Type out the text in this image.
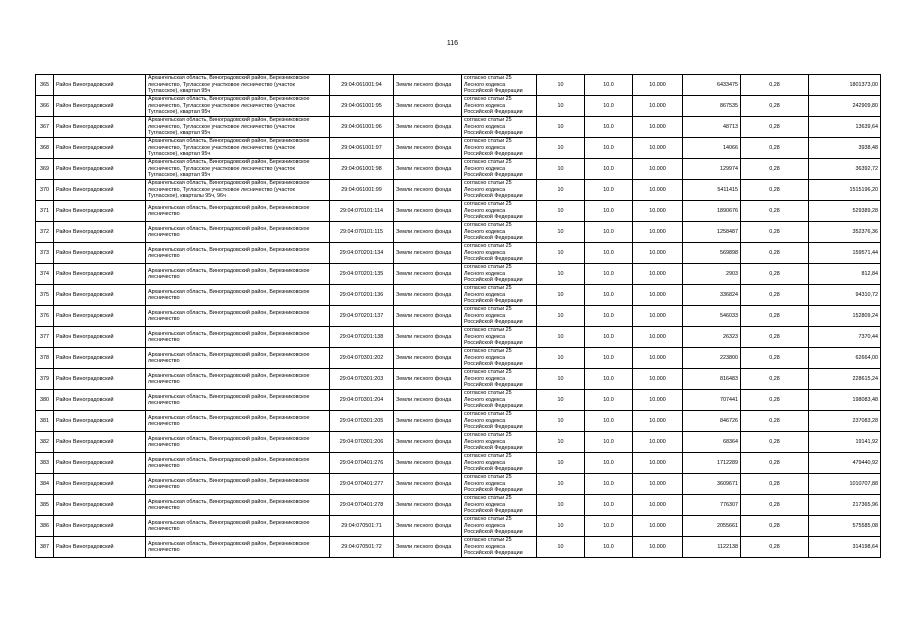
116
365	Район Виноградовский	Архангельская область, Виноградовский район, Березниковское лесничество, Тугласское участковое лесничество (участок Тугласское), квартал 95ч	29:04:061001:94	Земли лесного фонда	согласно статьи 25
Лесного кодекса
Российской Федерации	10	10.0	10.000	6433475	0,28	1801373,00
366	Район Виноградовский	Архангельская область, Виноградовский район, Березниковское лесничество, Тугласское участковое лесничество (участок Тугласское), квартал 95ч	29:04:061001:95	Земли лесного фонда	согласно статьи 25
Лесного кодекса
Российской Федерации	10	10.0	10.000	867535	0,28	242909,80
367	Район Виноградовский	Архангельская область, Виноградовский район, Березниковское лесничество, Тугласское участковое лесничество (участок Тугласское), квартал 95ч	29:04:061001:96	Земли лесного фонда	согласно статьи 25
Лесного кодекса
Российской Федерации	10	10.0	10.000	48713	0,28	13639,64
368	Район Виноградовский	Архангельская область, Виноградовский район, Березниковское лесничество, Тугласское участковое лесничество (участок Тугласское), квартал 95ч	29:04:061001:97	Земли лесного фонда	согласно статьи 25
Лесного кодекса
Российской Федерации	10	10.0	10.000	14066	0,28	3938,48
369	Район Виноградовский	Архангельская область, Виноградовский район, Березниковское лесничество, Тугласское участковое лесничество (участок Тугласское), квартал 95ч	29:04:061001:98	Земли лесного фонда	согласно статьи 25
Лесного кодекса
Российской Федерации	10	10.0	10.000	129974	0,28	36392,72
370	Район Виноградовский	Архангельская область, Виноградовский район, Березниковское лесничество, Тугласское участковое лесничество (участок Тугласское), кварталы 95ч, 96ч	29:04:061001:99	Земли лесного фонда	согласно статьи 25
Лесного кодекса
Российской Федерации	10	10.0	10.000	5411415	0,28	1515196,20
371	Район Виноградовский	Архангельская область, Виноградовский район, Березниковское лесничество	29:04:070101:114	Земли лесного фонда	согласно статьи 25
Лесного кодекса
Российской Федерации	10	10.0	10.000	1890676	0,28	529389,28
372	Район Виноградовский	Архангельская область, Виноградовский район, Березниковское лесничество	29:04:070101:115	Земли лесного фонда	согласно статьи 25
Лесного кодекса
Российской Федерации	10	10.0	10.000	1258487	0,28	352376,36
373	Район Виноградовский	Архангельская область, Виноградовский район, Березниковское лесничество	29:04:070201:134	Земли лесного фонда	согласно статьи 25
Лесного кодекса
Российской Федерации	10	10.0	10.000	569898	0,28	159571,44
374	Район Виноградовский	Архангельская область, Виноградовский район, Березниковское лесничество	29:04:070201:135	Земли лесного фонда	согласно статьи 25
Лесного кодекса
Российской Федерации	10	10.0	10.000	2903	0,28	812,84
375	Район Виноградовский	Архангельская область, Виноградовский район, Березниковское лесничество	29:04:070201:136	Земли лесного фонда	согласно статьи 25
Лесного кодекса
Российской Федерации	10	10.0	10.000	336824	0,28	94310,72
376	Район Виноградовский	Архангельская область, Виноградовский район, Березниковское лесничество	29:04:070201:137	Земли лесного фонда	согласно статьи 25
Лесного кодекса
Российской Федерации	10	10.0	10.000	546033	0,28	152809,24
377	Район Виноградовский	Архангельская область, Виноградовский район, Березниковское лесничество	29:04:070201:138	Земли лесного фонда	согласно статьи 25
Лесного кодекса
Российской Федерации	10	10.0	10.000	26323	0,28	7370,44
378	Район Виноградовский	Архангельская область, Виноградовский район, Березниковское лесничество	29:04:070301:202	Земли лесного фонда	согласно статьи 25
Лесного кодекса
Российской Федерации	10	10.0	10.000	223800	0,28	62664,00
379	Район Виноградовский	Архангельская область, Виноградовский район, Березниковское лесничество	29:04:070301:203	Земли лесного фонда	согласно статьи 25
Лесного кодекса
Российской Федерации	10	10.0	10.000	816483	0,28	228615,24
380	Район Виноградовский	Архангельская область, Виноградовский район, Березниковское лесничество	29:04:070301:204	Земли лесного фонда	согласно статьи 25
Лесного кодекса
Российской Федерации	10	10.0	10.000	707441	0,28	198083,48
381	Район Виноградовский	Архангельская область, Виноградовский район, Березниковское лесничество	29:04:070301:205	Земли лесного фонда	согласно статьи 25
Лесного кодекса
Российской Федерации	10	10.0	10.000	846726	0,28	237083,28
382	Район Виноградовский	Архангельская область, Виноградовский район, Березниковское лесничество	29:04:070301:206	Земли лесного фонда	согласно статьи 25
Лесного кодекса
Российской Федерации	10	10.0	10.000	68364	0,28	19141,92
383	Район Виноградовский	Архангельская область, Виноградовский район, Березниковское лесничество	29:04:070401:276	Земли лесного фонда	согласно статьи 25
Лесного кодекса
Российской Федерации	10	10.0	10.000	1712289	0,28	479440,92
384	Район Виноградовский	Архангельская область, Виноградовский район, Березниковское лесничество	29:04:070401:277	Земли лесного фонда	согласно статьи 25
Лесного кодекса
Российской Федерации	10	10.0	10.000	3609671	0,28	1010707,88
385	Район Виноградовский	Архангельская область, Виноградовский район, Березниковское лесничество	29:04:070401:278	Земли лесного фонда	согласно статьи 25
Лесного кодекса
Российской Федерации	10	10.0	10.000	776307	0,28	217365,96
386	Район Виноградовский	Архангельская область, Виноградовский район, Березниковское лесничество	29:04:070501:71	Земли лесного фонда	согласно статьи 25
Лесного кодекса
Российской Федерации	10	10.0	10.000	2055661	0,28	575585,08
387	Район Виноградовский	Архангельская область, Виноградовский район, Березниковское лесничество	29:04:070501:72	Земли лесного фонда	согласно статьи 25
Лесного кодекса
Российской Федерации	10	10.0	10.000	1122138	0,28	314198,64
